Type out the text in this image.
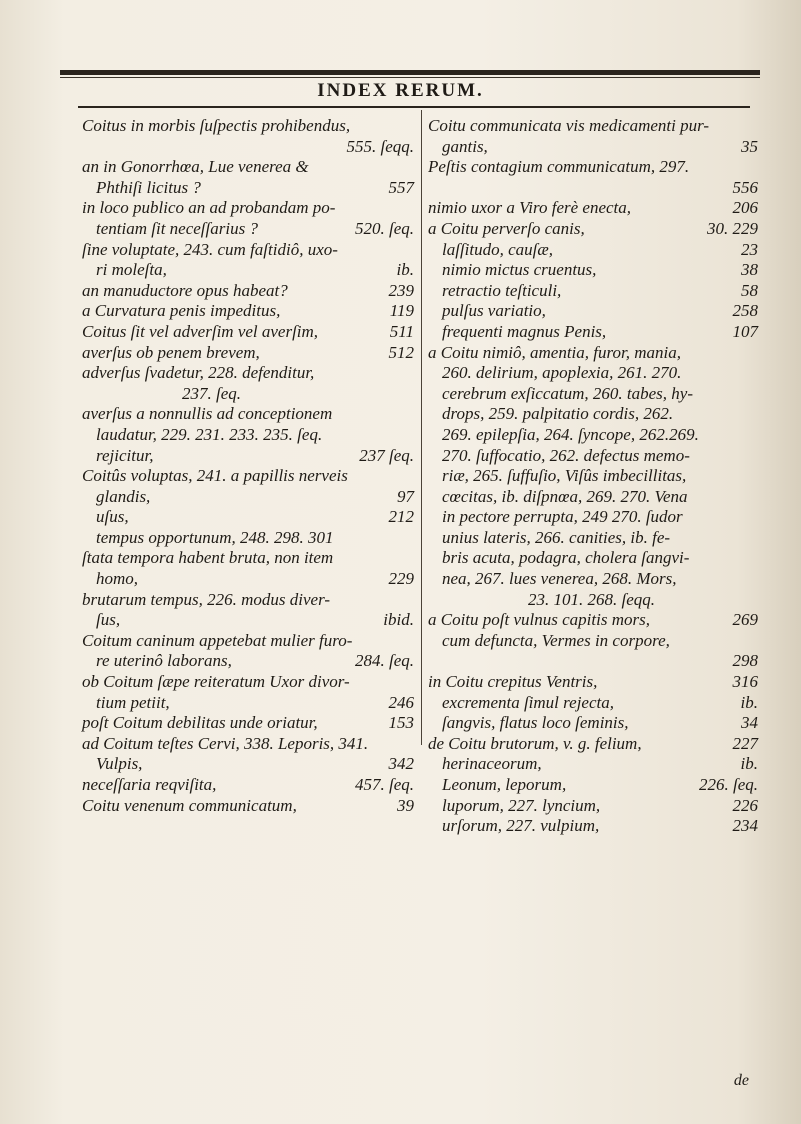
INDEX RERUM.
Coitus in morbis ſuſpectis prohibendus,
555. ſeqq.
an in Gonorrhœa, Lue venerea &
Phthiſi licitus ?	557
in loco publico an ad probandam po-
tentiam ſit neceſſarius ?	520. ſeq.
ſine voluptate, 243. cum faſtidiô, uxo-
ri moleſta,	ib.
an manuductore opus habeat?	239
a Curvatura penis impeditus,	119
Coitus ſit vel adverſim vel averſim,	511
averſus ob penem brevem,	512
adverſus ſvadetur, 228. defenditur,
237. ſeq.
averſus a nonnullis ad conceptionem
laudatur, 229. 231. 233. 235. ſeq.
rejicitur,	237 ſeq.
Coitûs voluptas, 241. a papillis nerveis
glandis,	97
uſus,	212
tempus opportunum, 248. 298. 301
ſtata tempora habent bruta, non item
homo,	229
brutarum tempus, 226. modus diver-
ſus,	ibid.
Coitum caninum appetebat mulier furo-
re uterinô laborans,	284. ſeq.
ob Coitum ſæpe reiteratum Uxor divor-
tium petiit,	246
poſt Coitum debilitas unde oriatur,	153
ad Coitum teſtes Cervi, 338. Leporis, 341.
Vulpis,	342
neceſſaria reqviſita,	457. ſeq.
Coitu venenum communicatum,	39
Coitu communicata vis medicamenti pur-
gantis,	35
Peſtis contagium communicatum, 297.
556
nimio uxor a Viro ferè enecta,	206
a Coitu perverſo canis,	30. 229
laſſitudo, cauſæ,	23
nimio mictus cruentus,	38
retractio teſticuli,	58
pulſus variatio,	258
frequenti magnus Penis,	107
a Coitu nimiô, amentia, furor, mania,
260. delirium, apoplexia, 261. 270.
cerebrum exſiccatum, 260. tabes, hy-
drops, 259. palpitatio cordis, 262.
269. epilepſia, 264. ſyncope, 262.269.
270. ſuffocatio, 262. defectus memo-
riæ, 265. ſuffuſio, Viſûs imbecillitas,
cœcitas, ib. diſpnœa, 269. 270. Vena
in pectore perrupta, 249 270. ſudor
unius lateris, 266. canities, ib. fe-
bris acuta, podagra, cholera ſangvi-
nea, 267. lues venerea, 268. Mors,
23. 101. 268. ſeqq.
a Coitu poſt vulnus capitis mors,	269
cum defuncta, Vermes in corpore,
298
in Coitu crepitus Ventris,	316
excrementa ſimul rejecta,	ib.
ſangvis, flatus loco ſeminis,	34
de Coitu brutorum, v. g. felium,	227
herinaceorum,	ib.
Leonum, leporum,	226. ſeq.
luporum, 227. lyncium,	226
urſorum, 227. vulpium,	234
de
